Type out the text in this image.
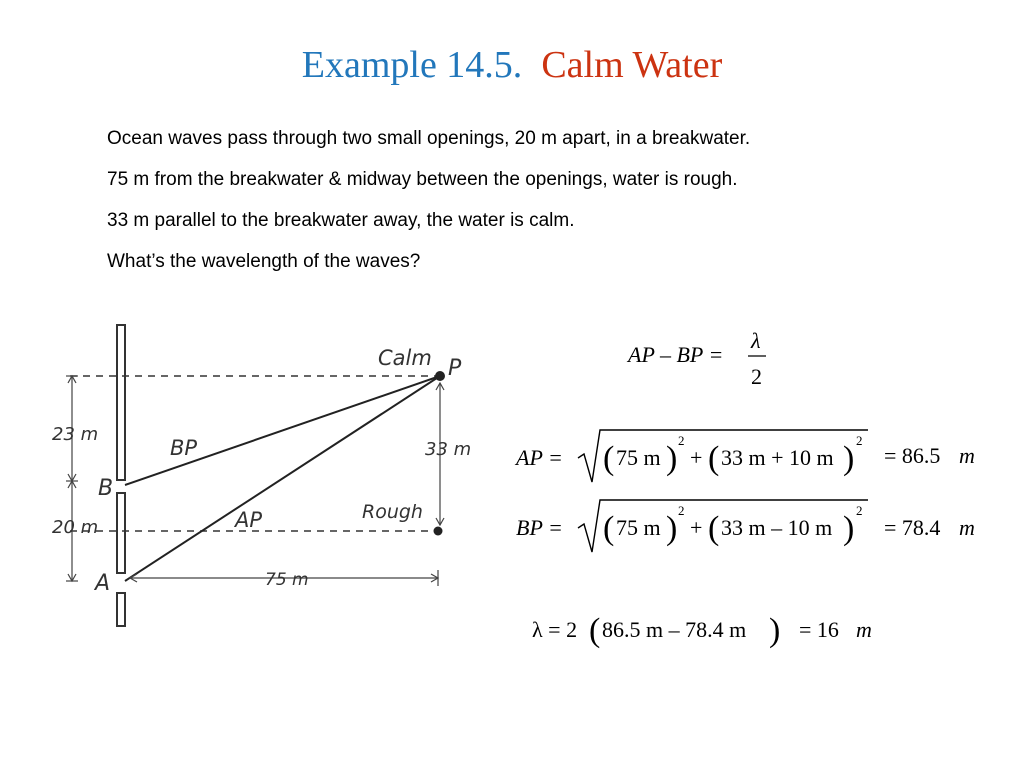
Example 14.5. Calm Water

Ocean waves pass through two small openings, 20 m apart, in a breakwater.

75 m from the breakwater & midway between the openings, water is rough.

33 m parallel to the breakwater away, the water is calm.

What’s the wavelength of the waves?

Calm P
BP
AP
B
A
Rough
23 m
20 m
33 m
75 m
AP – BP =
λ
2
AP = ( 75 m ) 2
+ ( 33 m + 10 m ) 2
= 86.5 m
BP = ( 75 m ) 2
+ ( 33 m – 10 m ) 2
= 78.4 m
λ = 2 ( 86.5 m – 78.4 m ) = 16 m
